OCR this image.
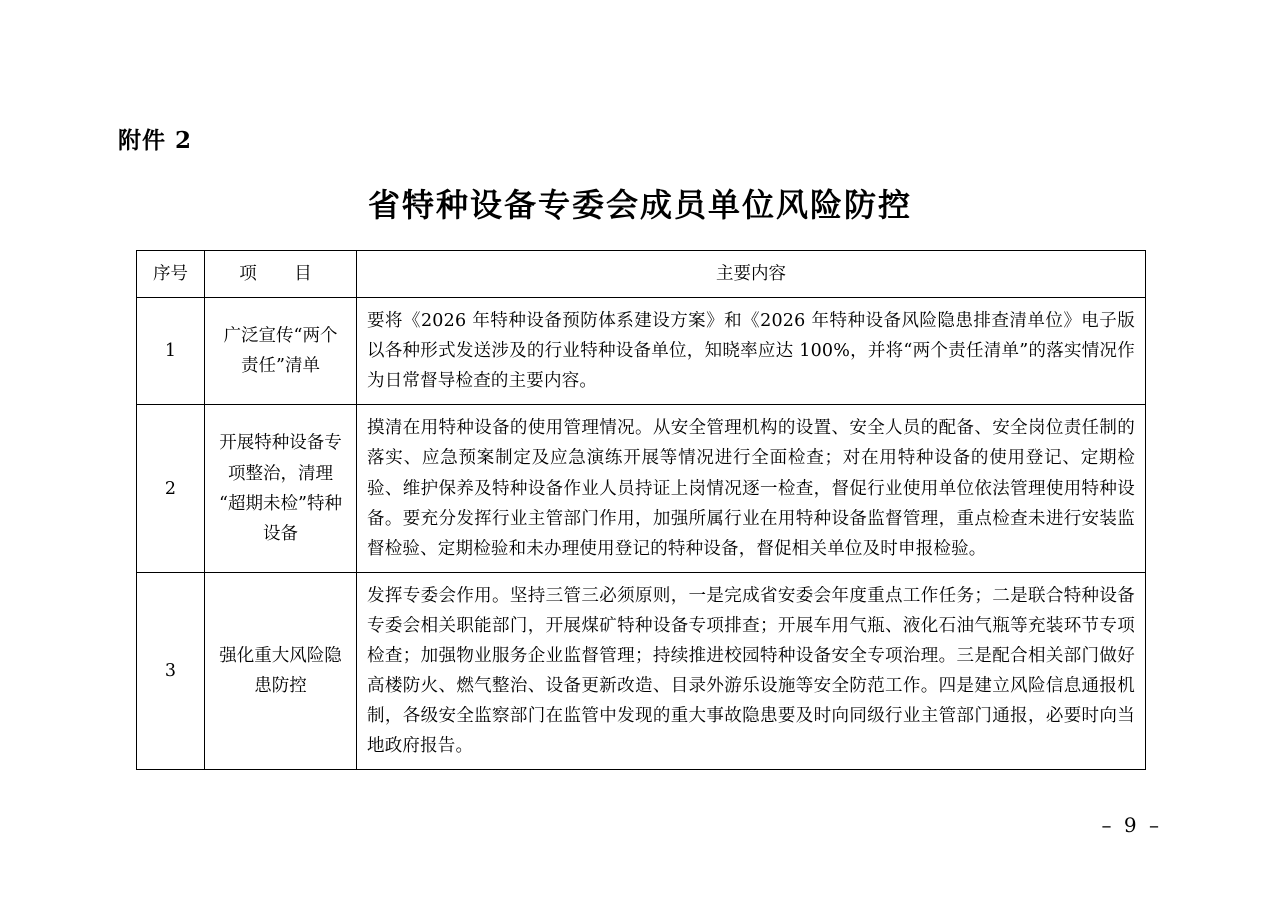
附件 2
省特种设备专委会成员单位风险防控
序号	项　目	主要内容
1	广泛宣传“两个责任”清单	要将《2026 年特种设备预防体系建设方案》和《2026 年特种设备风险隐患排查清单位》电子版以各种形式发送涉及的行业特种设备单位，知晓率应达 100%，并将“两个责任清单”的落实情况作为日常督导检查的主要内容。
2	开展特种设备专项整治，清理“超期未检”特种设备	摸清在用特种设备的使用管理情况。从安全管理机构的设置、安全人员的配备、安全岗位责任制的落实、应急预案制定及应急演练开展等情况进行全面检查；对在用特种设备的使用登记、定期检验、维护保养及特种设备作业人员持证上岗情况逐一检查，督促行业使用单位依法管理使用特种设备。要充分发挥行业主管部门作用，加强所属行业在用特种设备监督管理，重点检查未进行安装监督检验、定期检验和未办理使用登记的特种设备，督促相关单位及时申报检验。
3	强化重大风险隐患防控	发挥专委会作用。坚持三管三必须原则，一是完成省安委会年度重点工作任务；二是联合特种设备专委会相关职能部门，开展煤矿特种设备专项排查；开展车用气瓶、液化石油气瓶等充装环节专项检查；加强物业服务企业监督管理；持续推进校园特种设备安全专项治理。三是配合相关部门做好高楼防火、燃气整治、设备更新改造、目录外游乐设施等安全防范工作。四是建立风险信息通报机制，各级安全监察部门在监管中发现的重大事故隐患要及时向同级行业主管部门通报，必要时向当地政府报告。
– 9 –
